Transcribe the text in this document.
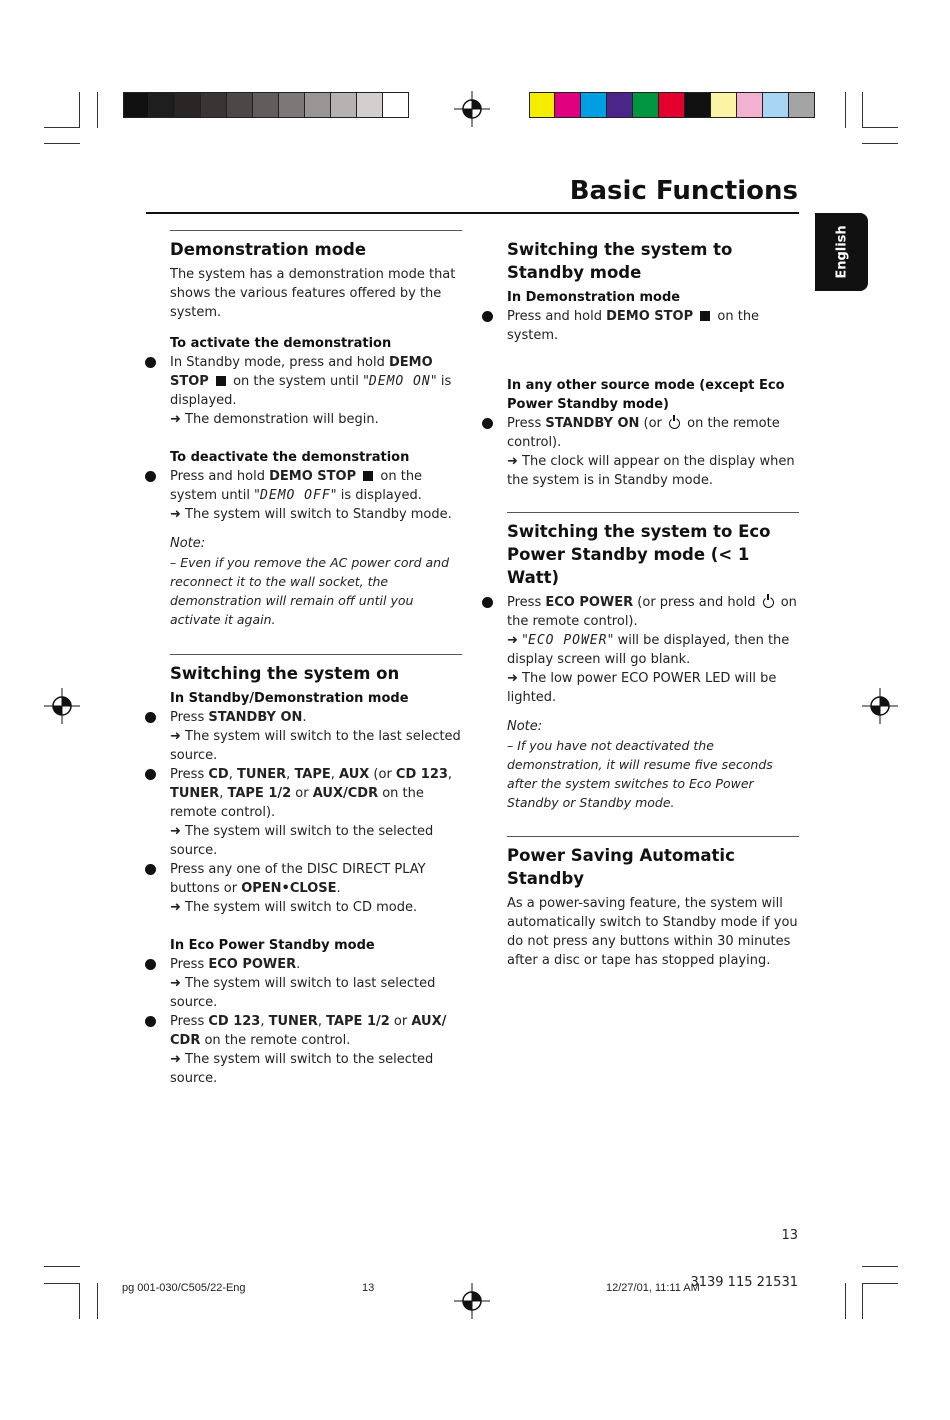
Basic Functions
English
Demonstration mode
The system has a demonstration mode that shows the various features offered by the system.
To activate the demonstration
In Standby mode, press and hold DEMO STOP  on the system until "DEMO ON" is displayed.
➜ The demonstration will begin.
To deactivate the demonstration
Press and hold DEMO STOP  on the system until "DEMO OFF" is displayed.
➜ The system will switch to Standby mode.
Note:
– Even if you remove the AC power cord and reconnect it to the wall socket, the demonstration will remain off until you activate it again.
Switching the system on
In Standby/Demonstration mode
Press STANDBY ON.
➜ The system will switch to the last selected source.
Press CD, TUNER, TAPE, AUX (or CD 123, TUNER, TAPE 1/2 or AUX/CDR on the remote control).
➜ The system will switch to the selected source.
Press any one of the DISC DIRECT PLAY buttons or OPEN•CLOSE.
➜ The system will switch to CD mode.
In Eco Power Standby mode
Press ECO POWER.
➜ The system will switch to last selected source.
Press CD 123, TUNER, TAPE 1/2 or AUX/ CDR on the remote control.
➜ The system will switch to the selected source.
Switching the system to Standby mode
In Demonstration mode
Press and hold DEMO STOP  on the system.
In any other source mode (except Eco Power Standby mode)
Press STANDBY ON (or  on the remote control).
➜ The clock will appear on the display when the system is in Standby mode.
Switching the system to Eco Power Standby mode (< 1 Watt)
Press ECO POWER (or press and hold  on the remote control).
➜ "ECO POWER" will be displayed, then the display screen will go blank.
➜ The low power ECO POWER LED will be lighted.
Note:
– If you have not deactivated the demonstration, it will resume five seconds after the system switches to Eco Power Standby or Standby mode.
Power Saving Automatic Standby
As a power-saving feature, the system will automatically switch to Standby mode if you do not press any buttons within 30 minutes after a disc or tape has stopped playing.
13
pg 001-030/C505/22-Eng	13	12/27/01, 11:11 AM
3139 115 21531
